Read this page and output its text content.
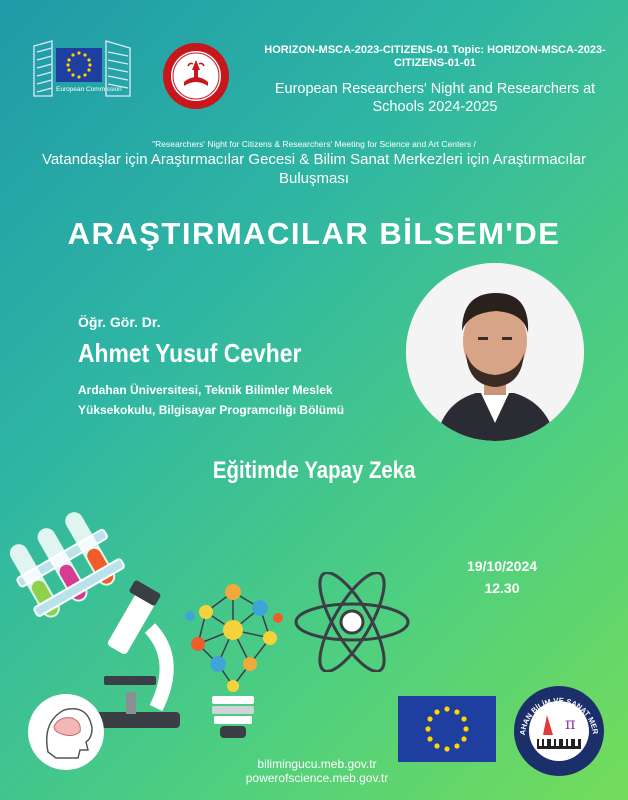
European Commission
HORIZON-MSCA-2023-CITIZENS-01 Topic: HORIZON-MSCA-2023-CITIZENS-01-01
European Researchers' Night and Researchers at Schools 2024-2025
"Researchers' Night for Citizens & Researchers' Meeting for Science and Art Centers /
Vatandaşlar için Araştırmacılar Gecesi & Bilim Sanat Merkezleri için Araştırmacılar Buluşması
ARAŞTIRMACILAR BİLSEM'DE
Öğr. Gör. Dr.
Ahmet Yusuf Cevher
Ardahan Üniversitesi, Teknik Bilimler Meslek
Yüksekokulu, Bilgisayar Programcılığı Bölümü
Eğitimde Yapay Zeka
19/10/2024
12.30
AHAN BİLİM VE SANAT MER
π
2016
bilimingucu.meb.gov.tr
powerofscience.meb.gov.tr
